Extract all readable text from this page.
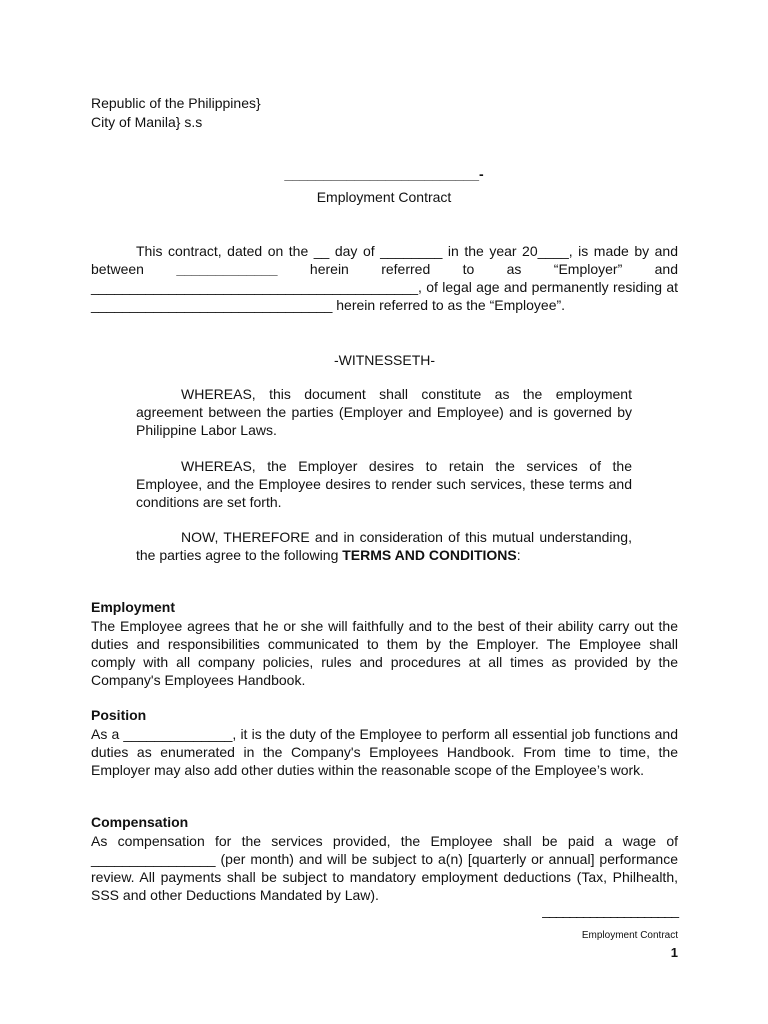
Republic of the Philippines}
City of Manila} s.s
_________________________-
Employment Contract

This contract, dated on the __ day of ________ in the year 20____, is made by and between _____________ herein referred to as “Employer” and __________________________________________, of legal age and permanently residing at _______________________________ herein referred to as the “Employee”.

-WITNESSETH-

WHEREAS, this document shall constitute as the employment agreement between the parties (Employer and Employee) and is governed by Philippine Labor Laws.

WHEREAS, the Employer desires to retain the services of the Employee, and the Employee desires to render such services, these terms and conditions are set forth.

NOW, THEREFORE and in consideration of this mutual understanding, the parties agree to the following TERMS AND CONDITIONS:

Employment

The Employee agrees that he or she will faithfully and to the best of their ability carry out the duties and responsibilities communicated to them by the Employer. The Employee shall comply with all company policies, rules and procedures at all times as provided by the Company's Employees Handbook.

Position

As a ______________, it is the duty of the Employee to perform all essential job functions and duties as enumerated in the Company's Employees Handbook. From time to time, the Employer may also add other duties within the reasonable scope of the Employee’s work.

Compensation

As compensation for the services provided, the Employee shall be paid a wage of ________________ (per month) and will be subject to a(n) [quarterly or annual] performance review. All payments shall be subject to mandatory employment deductions (Tax, Philhealth, SSS and other Deductions Mandated by Law).

____________________
Employment Contract
1
